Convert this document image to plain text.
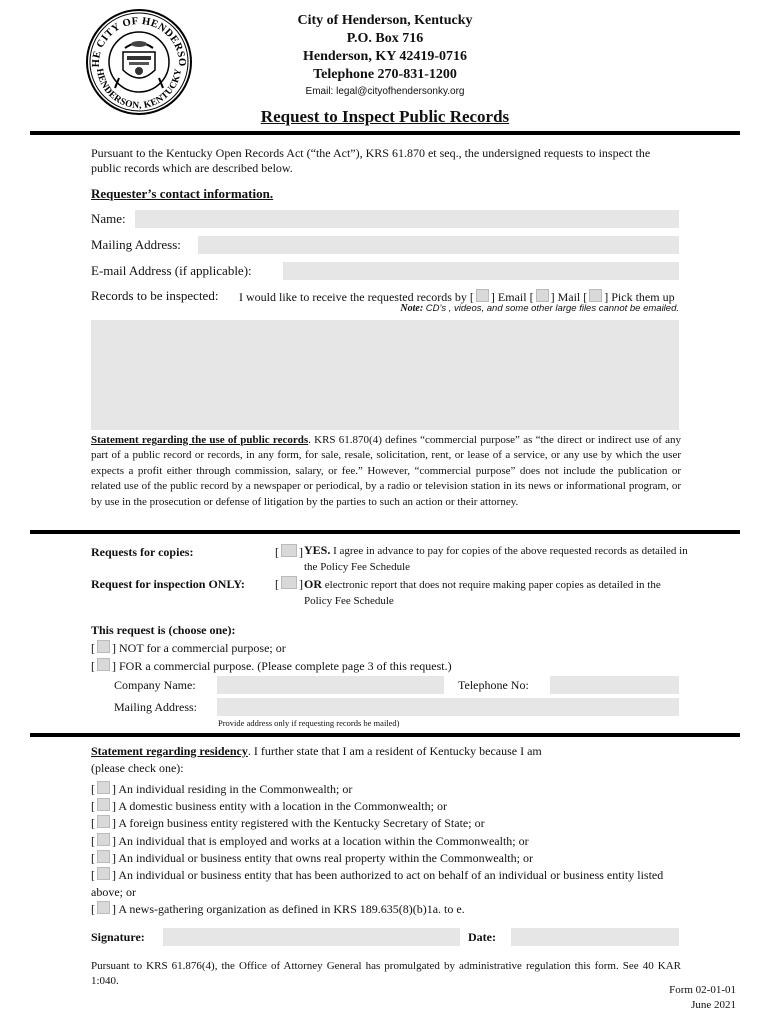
HE CITY OF HENDERSO
HENDERSON, KENTUCKY
City of Henderson, Kentucky
P.O. Box 716
Henderson, KY 42419-0716
Telephone 270-831-1200
Email: legal@cityofhendersonky.org
Request to Inspect Public Records
Pursuant to the Kentucky Open Records Act (“the Act”), KRS 61.870 et seq., the undersigned requests to inspect the public records which are described below.
Requester’s contact information.
Name:
Mailing Address:
E-mail Address (if applicable):
Records to be inspected: I would like to receive the requested records by [ ] Email [ ] Mail [ ] Pick them up
Note: CD’s , videos, and some other large files cannot be emailed.
Statement regarding the use of public records. KRS 61.870(4) defines “commercial purpose” as “the direct or indirect use of any part of a public record or records, in any form, for sale, resale, solicitation, rent, or lease of a service, or any use by which the user expects a profit either through commission, salary, or fee.” However, “commercial purpose” does not include the publication or related use of the public record by a newspaper or periodical, by a radio or television station in its news or informational program, or by use in the prosecution or defense of litigation by the parties to such an action or their attorney.
Requests for copies:	[ ] YES. I agree in advance to pay for copies of the above requested records as detailed in the Policy Fee Schedule
Request for inspection ONLY:	[ ] OR electronic report that does not require making paper copies as detailed in the Policy Fee Schedule
This request is (choose one):
[ ] NOT for a commercial purpose; or
[ ] FOR a commercial purpose. (Please complete page 3 of this request.)
Company Name:	Telephone No:
Mailing Address:
Provide address only if requesting records be mailed)
Statement regarding residency. I further state that I am a resident of Kentucky because I am (please check one):
[ ] An individual residing in the Commonwealth; or
[ ] A domestic business entity with a location in the Commonwealth; or
[ ] A foreign business entity registered with the Kentucky Secretary of State; or
[ ] An individual that is employed and works at a location within the Commonwealth; or
[ ] An individual or business entity that owns real property within the Commonwealth; or
[ ] An individual or business entity that has been authorized to act on behalf of an individual or business entity listed above; or
[ ] A news-gathering organization as defined in KRS 189.635(8)(b)1a. to e.
Signature:	Date:
Pursuant to KRS 61.876(4), the Office of Attorney General has promulgated by administrative regulation this form. See 40 KAR 1:040.
Form 02-01-01
June 2021
